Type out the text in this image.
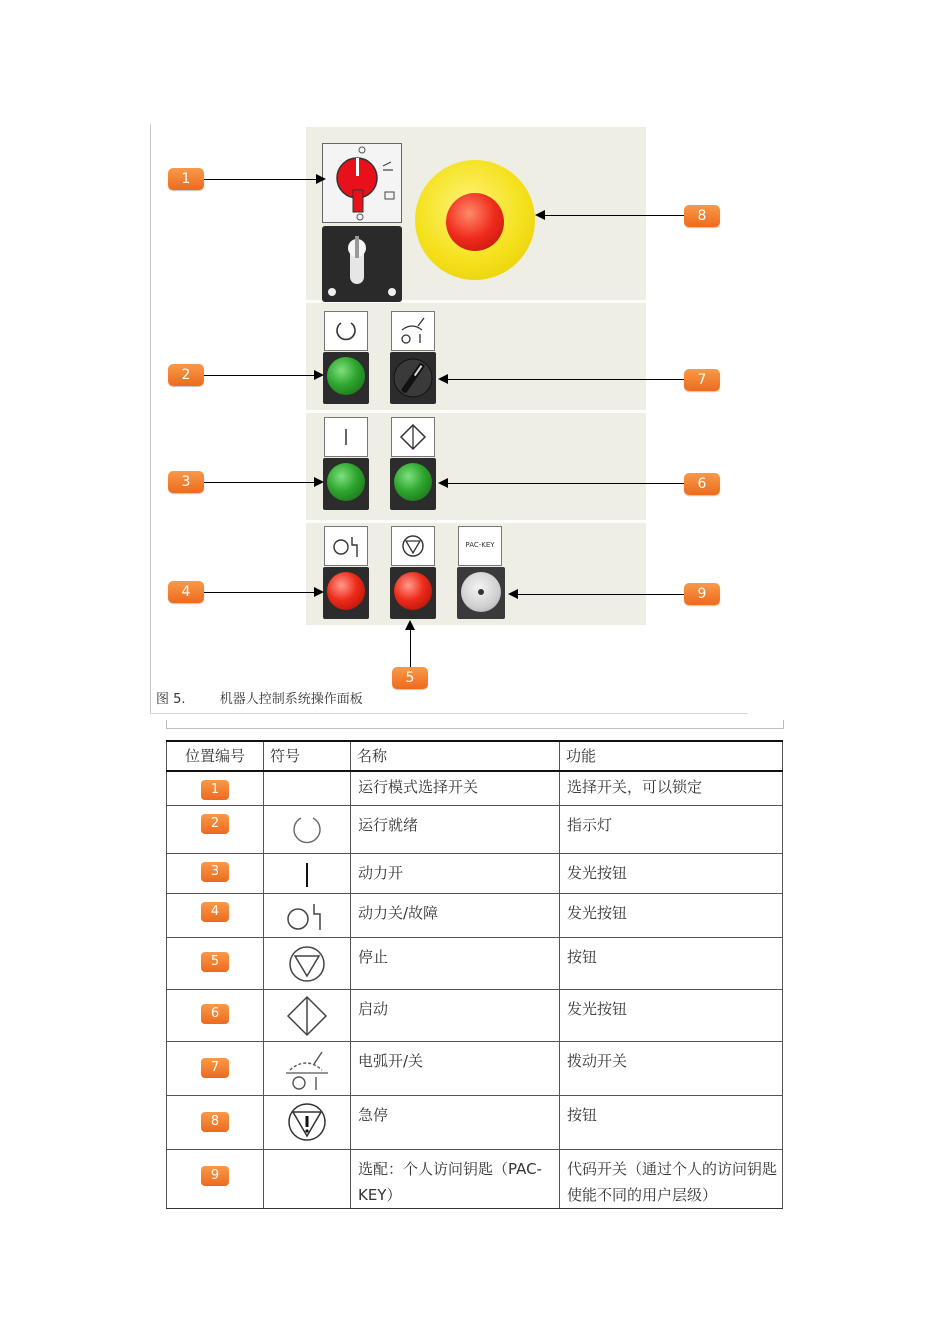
PAC-KEY
1
2
3
4
5
6
7
8
9
图 5.	机器人控制系统操作面板
位置编号	符号	名称	功能
1		运行模式选择开关	选择开关，可以锁定

2		运行就绪	指示灯

3		动力开	发光按钮

4		动力关/故障	发光按钮

5		停止	按钮

6		启动	发光按钮

7		电弧开/关	拨动开关

8		急停	按钮

9		选配：个人访问钥匙（PAC-KEY）	代码开关（通过个人的访问钥匙使能不同的用户层级）
